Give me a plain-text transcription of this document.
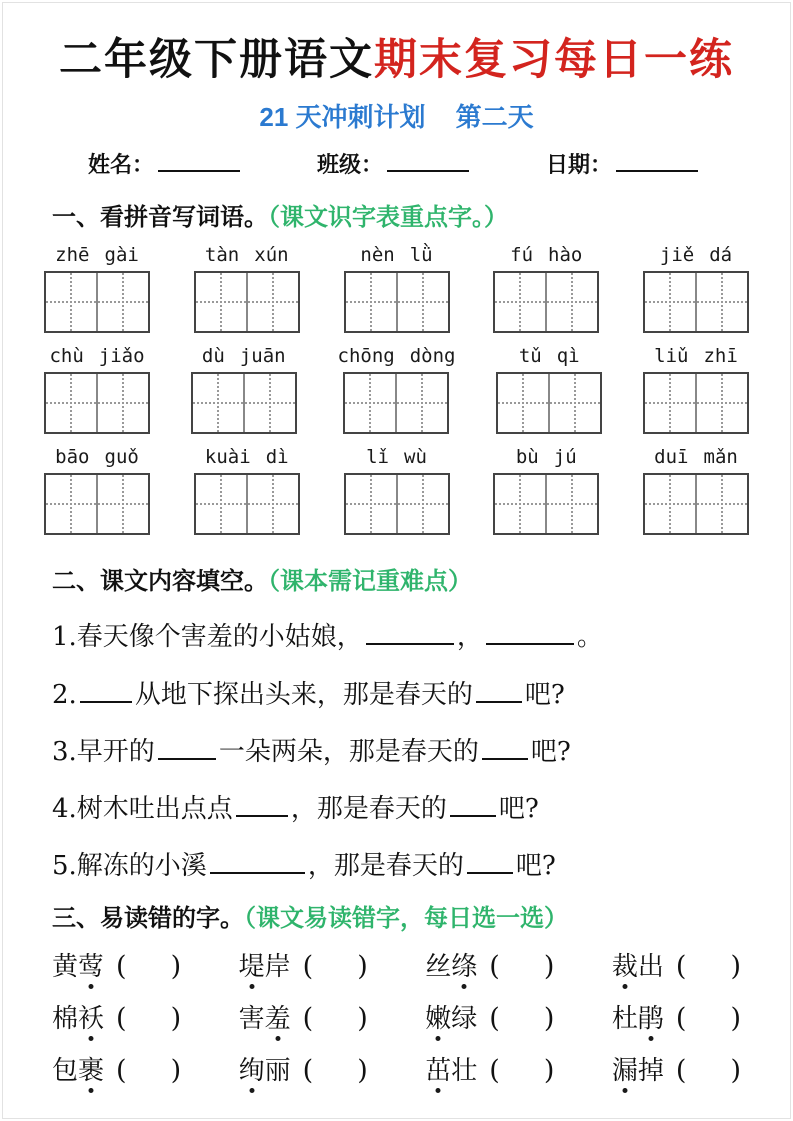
二年级下册语文期末复习每日一练
21 天冲刺计划 第二天
姓名：	班级：	日期：
一、看拼音写词语。（课文识字表重点字。）
zhē gài	tàn xún	nèn lǜ	fú hào	jiě dá
chù jiǎo	dù juān	chōng dòng	tǔ qì	liǔ zhī
bāo guǒ	kuài dì	lǐ wù	bù jú	duī mǎn
二、课文内容填空。（课本需记重难点）
1.春天像个害羞的小姑娘，	，	。
2. 从地下探出头来，那是春天的 吧?
3.早开的 一朵两朵，那是春天的 吧?
4.树木吐出点点 ，那是春天的 吧?
5.解冻的小溪	，那是春天的 吧?
三、易读错的字。（课文易读错字，每日选一选）
黄莺 ( ) 堤岸 ( ) 丝绦 ( ) 裁出 ( )
棉袄 ( ) 害羞 ( ) 嫩绿 ( ) 杜鹃 ( )
包裹 ( ) 绚丽 ( ) 茁壮 ( ) 漏掉 ( )
